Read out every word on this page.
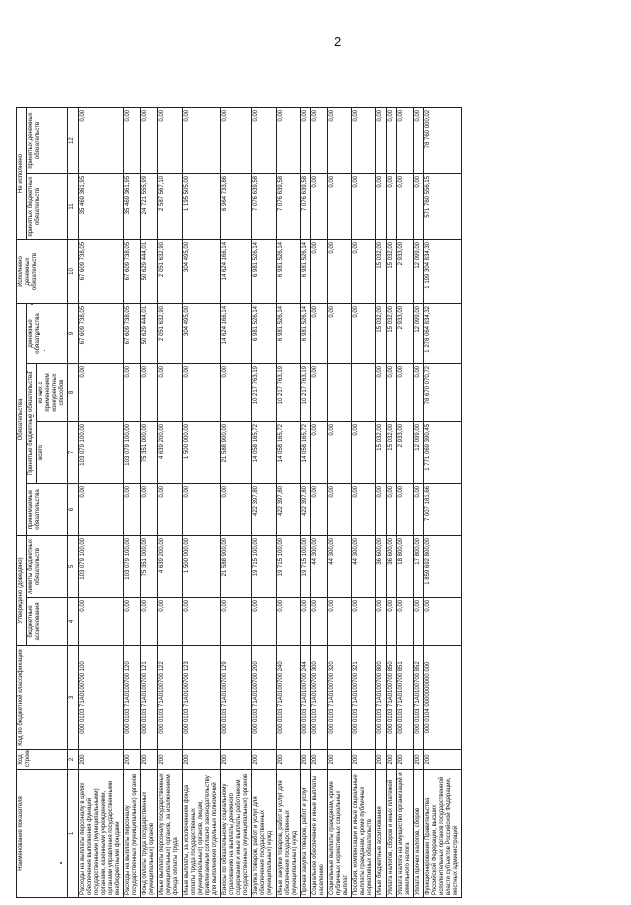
2
Наименование показателя	Код строки	Код по бюджетной классификации	Утверждено (доведено)		Обязательства				Исполнено денежных обязательств	Не исполнено	
			бюджетные ассигнования	лимиты бюджетных обязательств	принимаемые обязательства	Принятые бюджетные обязательства		денежные обязательства		принятых бюджетных обязательств	принятых денежных обязательств
						всего	из них с применением конкурентных способов				
1	2	3	4	5	6	7	8	9	10	11	12
Расходы на выплаты персоналу в целях обеспечения выполнения функций государственными (муниципальными) органами, казенными учреждениями, органами управления государственными внебюджетными фондами	200	000 0103 71А0100700 100	0,00	103 079 100,00	0,00	103 079 100,00	0,00	67 609 738,05	67 609 738,05	35 469 361,95	0,00
Расходы на выплаты персоналу государственных (муниципальных) органов	200	000 0103 71А0100700 120	0,00	103 079 100,00	0,00	103 079 100,00	0,00	67 609 738,05	67 609 738,05	35 469 361,95	0,00
Фонд оплаты труда государственных (муниципальных) органов	200	000 0103 71А0100700 121	0,00	75 351 000,00	0,00	75 351 000,00	0,00	50 629 444,01	50 629 444,01	24 721 555,99	0,00
Иные выплаты персоналу государственных (муниципальных) органов, за исключением фонда оплаты труда	200	000 0103 71А0100700 122	0,00	4 639 200,00	0,00	4 639 200,00	0,00	2 051 632,90	2 051 632,90	2 587 567,10	0,00
Иные выплаты, за исключением фонда оплаты труда государственных (муниципальных) органов, лицам, привлекаемым согласно законодательству для выполнения отдельных полномочий	200	000 0103 71А0100700 123	0,00	1 500 000,00	0,00	1 500 000,00	0,00	304 495,00	304 495,00	1 195 505,00	0,00
Взносы по обязательному социальному страхованию на выплаты денежного содержания и иные выплаты работникам государственных (муниципальных) органов	200	000 0103 71А0100700 129	0,00	21 588 900,00	0,00	21 588 900,00	0,00	14 624 166,14	14 624 166,14	6 964 733,86	0,00
Закупка товаров, работ и услуг для обеспечения государственных (муниципальных) нужд	200	000 0103 71А0100700 200	0,00	19 715 100,00	422 397,80	14 058 165,72	10 217 763,19	6 981 526,14	6 981 526,14	7 076 639,58	0,00
Иные закупки товаров, работ и услуг для обеспечения государственных (муниципальных) нужд	200	000 0103 71А0100700 240	0,00	19 715 100,00	422 397,80	14 058 165,72	10 217 763,19	6 981 526,14	6 981 526,14	7 076 639,58	0,00
Прочая закупка товаров, работ и услуг	200	000 0103 71А0100700 244	0,00	19 715 100,00	422 397,80	14 058 165,72	10 217 763,19	6 981 526,14	6 981 526,14	7 076 639,58	0,00
Социальное обеспечение и иные выплаты населению	200	000 0103 71А0100700 300	0,00	44 300,00	0,00	0,00	0,00	0,00	0,00	0,00	0,00
Социальные выплаты гражданам, кроме публичных нормативных социальных выплат	200	000 0103 71А0100700 320	0,00	44 300,00	0,00	0,00		0,00	0,00	0,00	0,00
Пособия, компенсации и иные социальные выплаты гражданам, кроме публичных нормативных обязательств	200	000 0103 71А0100700 321	0,00	44 300,00	0,00	0,00		0,00	0,00	0,00	0,00
Иные бюджетные ассигнования	200	000 0103 71А0100700 800	0,00	36 600,00	0,00	15 032,00	0,00	15 032,00	15 032,00	0,00	0,00
Уплата налогов, сборов и иных платежей	200	000 0103 71А0100700 850	0,00	36 600,00	0,00	15 032,00	0,00	15 032,00	15 032,00	0,00	0,00
Уплата налога на имущество организаций и земельного налога	200	000 0103 71А0100700 851	0,00	18 800,00	0,00	2 933,00	0,00	2 933,00	2 933,00	0,00	0,00
Уплата прочих налогов, сборов	200	000 0103 71А0100700 852	0,00	17 800,00	0,00	12 099,00	0,00	12 099,00	12 099,00	0,00	0,00
Функционирование Правительства Российской Федерации, высших исполнительных органов государственной власти субъектов Российской Федерации, местных администраций	200	000 0104 0000000000 000	0,00	1 859 692 800,00	7 007 181,66	1 771 069 390,45	78 670 070,72	1 278 064 834,32	1 199 304 834,30	571 760 556,15	78 760 000,02
